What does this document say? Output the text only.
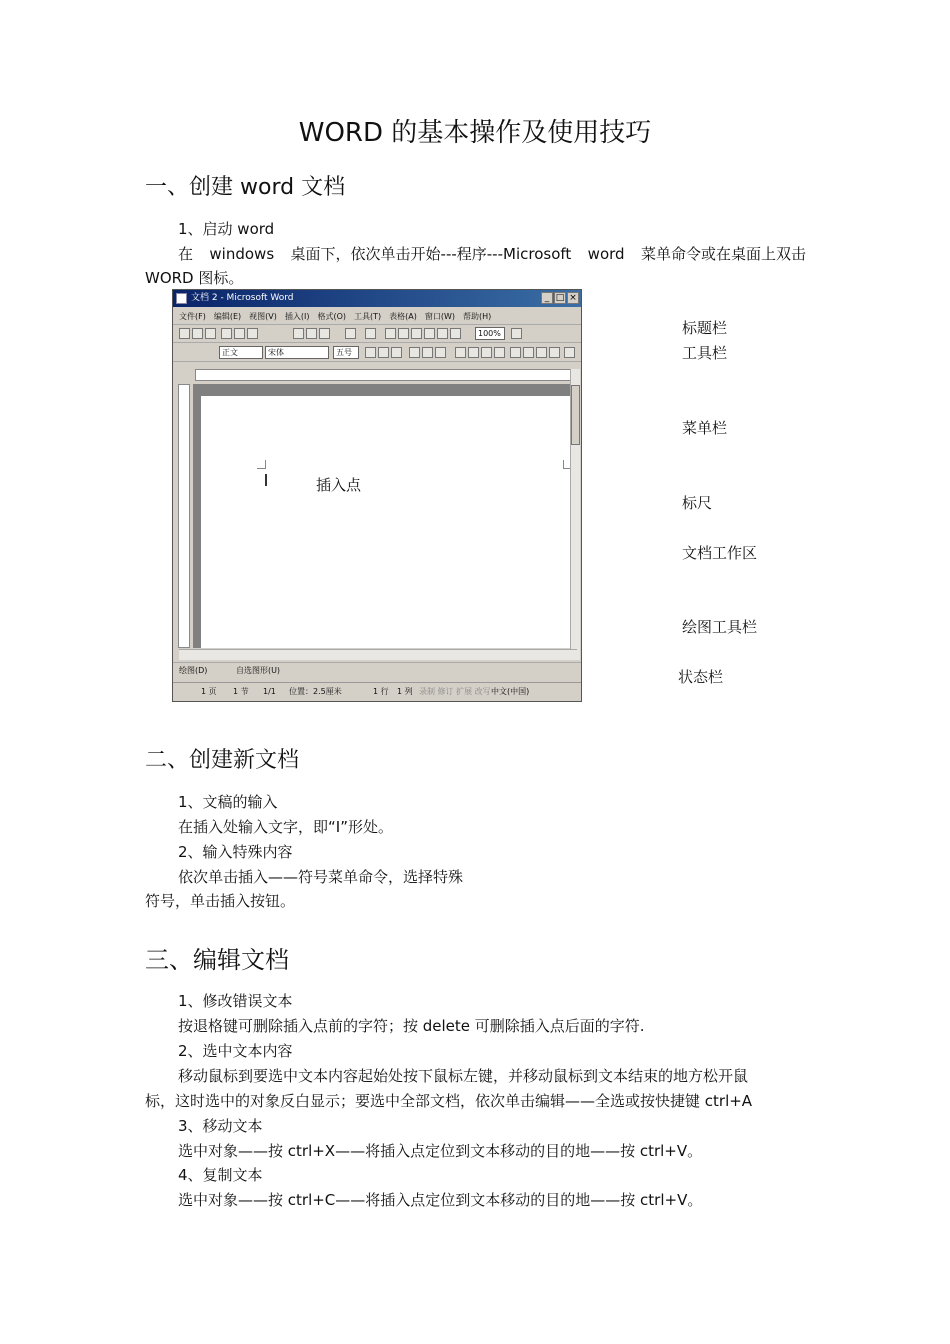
WORD 的基本操作及使用技巧
一、创建 word 文档
1、启动 word
在 windows 桌面下，依次单击开始---程序---Microsoft word 菜单命令或在桌面上双击
WORD 图标。
文档 2 - Microsoft Word	_ □ ×
文件(F) 编辑(E) 视图(V) 插入(I) 格式(O) 工具(T) 表格(A) 窗口(W) 帮助(H)
100%
正文	宋体	五号
插入点
绘图(D)	自选图形(U)
1 页 1 节 1/1 位置：2.5厘米	1 行 1 列 录制 修订 扩展 改写 中文(中国)
标题栏
工具栏
菜单栏
标尺
文档工作区
绘图工具栏
状态栏
二、创建新文档
1、文稿的输入
在插入处输入文字，即“I”形处。
2、输入特殊内容
依次单击插入——符号菜单命令，选择特殊
符号，单击插入按钮。
三、编辑文档
1、修改错误文本
按退格键可删除插入点前的字符；按 delete 可删除插入点后面的字符.
2、选中文本内容
移动鼠标到要选中文本内容起始处按下鼠标左键，并移动鼠标到文本结束的地方松开鼠
标，这时选中的对象反白显示；要选中全部文档，依次单击编辑——全选或按快捷键 ctrl+A
3、移动文本
选中对象——按 ctrl+X——将插入点定位到文本移动的目的地——按 ctrl+V。
4、复制文本
选中对象——按 ctrl+C——将插入点定位到文本移动的目的地——按 ctrl+V。
